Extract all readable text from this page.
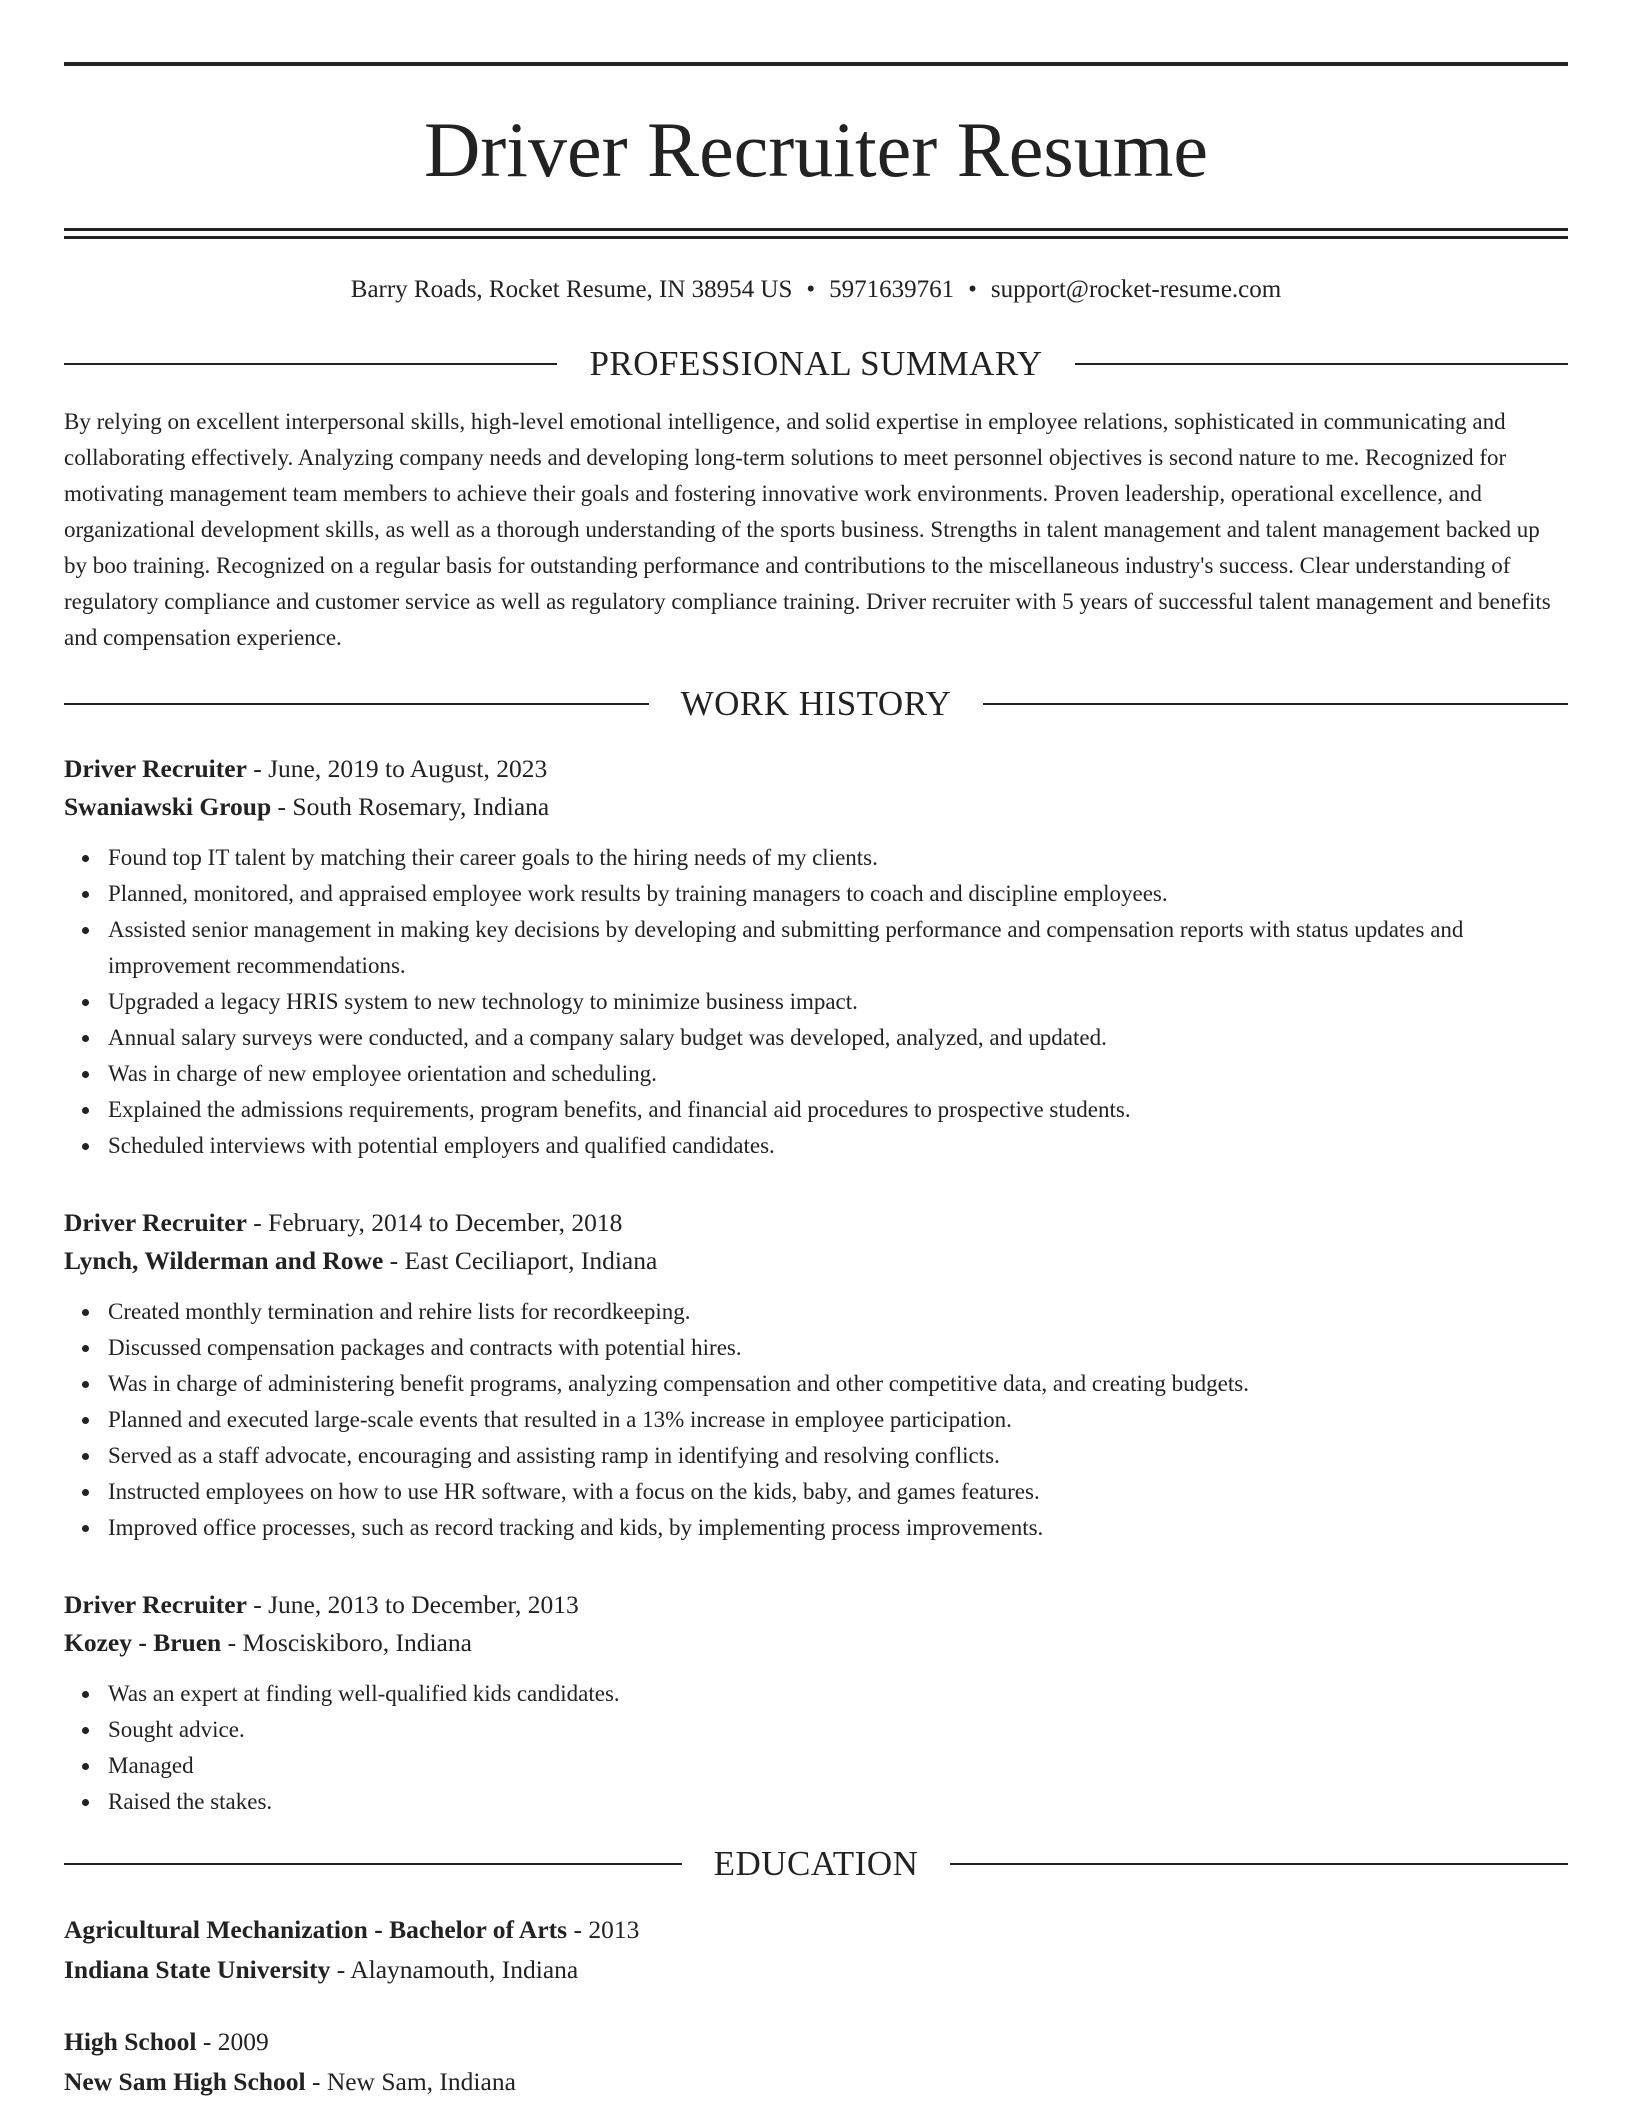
Driver Recruiter Resume
Barry Roads, Rocket Resume, IN 38954 US • 5971639761 • support@rocket-resume.com
PROFESSIONAL SUMMARY
By relying on excellent interpersonal skills, high-level emotional intelligence, and solid expertise in employee relations, sophisticated in communicating and collaborating effectively. Analyzing company needs and developing long-term solutions to meet personnel objectives is second nature to me. Recognized for motivating management team members to achieve their goals and fostering innovative work environments. Proven leadership, operational excellence, and organizational development skills, as well as a thorough understanding of the sports business. Strengths in talent management and talent management backed up by boo training. Recognized on a regular basis for outstanding performance and contributions to the miscellaneous industry's success. Clear understanding of regulatory compliance and customer service as well as regulatory compliance training. Driver recruiter with 5 years of successful talent management and benefits and compensation experience.
WORK HISTORY
Driver Recruiter - June, 2019 to August, 2023
Swaniawski Group - South Rosemary, Indiana
Found top IT talent by matching their career goals to the hiring needs of my clients.
Planned, monitored, and appraised employee work results by training managers to coach and discipline employees.
Assisted senior management in making key decisions by developing and submitting performance and compensation reports with status updates and improvement recommendations.
Upgraded a legacy HRIS system to new technology to minimize business impact.
Annual salary surveys were conducted, and a company salary budget was developed, analyzed, and updated.
Was in charge of new employee orientation and scheduling.
Explained the admissions requirements, program benefits, and financial aid procedures to prospective students.
Scheduled interviews with potential employers and qualified candidates.
Driver Recruiter - February, 2014 to December, 2018
Lynch, Wilderman and Rowe - East Ceciliaport, Indiana
Created monthly termination and rehire lists for recordkeeping.
Discussed compensation packages and contracts with potential hires.
Was in charge of administering benefit programs, analyzing compensation and other competitive data, and creating budgets.
Planned and executed large-scale events that resulted in a 13% increase in employee participation.
Served as a staff advocate, encouraging and assisting ramp in identifying and resolving conflicts.
Instructed employees on how to use HR software, with a focus on the kids, baby, and games features.
Improved office processes, such as record tracking and kids, by implementing process improvements.
Driver Recruiter - June, 2013 to December, 2013
Kozey - Bruen - Mosciskiboro, Indiana
Was an expert at finding well-qualified kids candidates.
Sought advice.
Managed
Raised the stakes.
EDUCATION
Agricultural Mechanization - Bachelor of Arts - 2013
Indiana State University - Alaynamouth, Indiana
High School - 2009
New Sam High School - New Sam, Indiana
